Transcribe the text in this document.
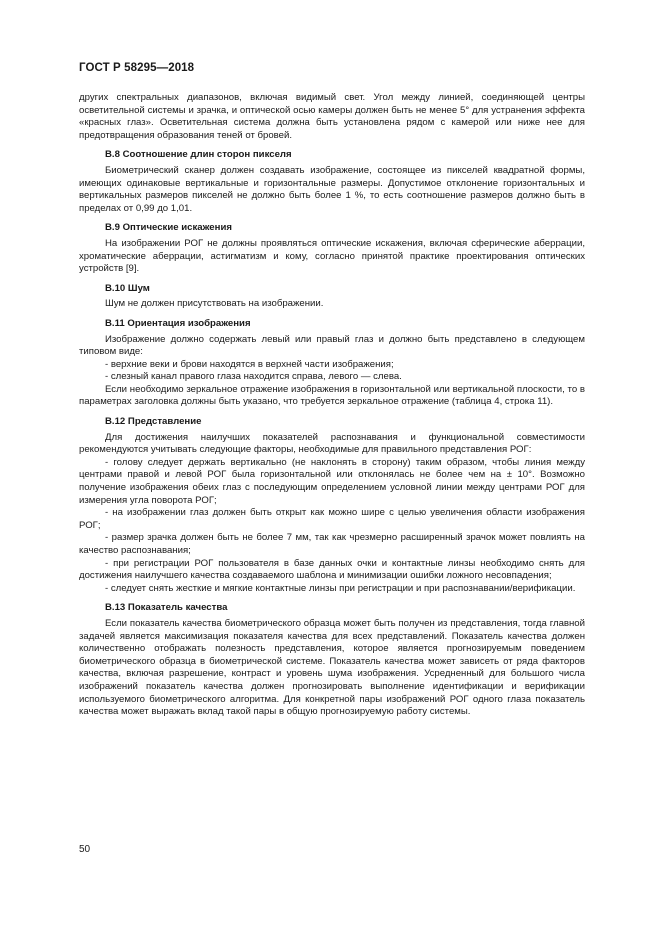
ГОСТ Р 58295—2018

других спектральных диапазонов, включая видимый свет. Угол между линией, соединяющей центры осветительной системы и зрачка, и оптической осью камеры должен быть не менее 5° для устранения эффекта «красных глаз». Осветительная система должна быть установлена рядом с камерой или ниже нее для предотвращения образования теней от бровей.

B.8 Соотношение длин сторон пикселя

Биометрический сканер должен создавать изображение, состоящее из пикселей квадратной формы, имеющих одинаковые вертикальные и горизонтальные размеры. Допустимое отклонение горизонтальных и вертикальных размеров пикселей не должно быть более 1 %, то есть соотношение размеров должно быть в пределах от 0,99 до 1,01.

B.9 Оптические искажения

На изображении РОГ не должны проявляться оптические искажения, включая сферические аберрации, хроматические аберрации, астигматизм и кому, согласно принятой практике проектирования оптических устройств [9].

B.10 Шум

Шум не должен присутствовать на изображении.

B.11 Ориентация изображения

Изображение должно содержать левый или правый глаз и должно быть представлено в следующем типовом виде:

- верхние веки и брови находятся в верхней части изображения;

- слезный канал правого глаза находится справа, левого — слева.

Если необходимо зеркальное отражение изображения в горизонтальной или вертикальной плоскости, то в параметрах заголовка должны быть указано, что требуется зеркальное отражение (таблица 4, строка 11).

B.12 Представление

Для достижения наилучших показателей распознавания и функциональной совместимости рекомендуются учитывать следующие факторы, необходимые для правильного представления РОГ:

- голову следует держать вертикально (не наклонять в сторону) таким образом, чтобы линия между центрами правой и левой РОГ была горизонтальной или отклонялась не более чем на ± 10°. Возможно получение изображения обеих глаз с последующим определением условной линии между центрами РОГ для измерения угла поворота РОГ;

- на изображении глаз должен быть открыт как можно шире с целью увеличения области изображения РОГ;

- размер зрачка должен быть не более 7 мм, так как чрезмерно расширенный зрачок может повлиять на качество распознавания;

- при регистрации РОГ пользователя в базе данных очки и контактные линзы необходимо снять для достижения наилучшего качества создаваемого шаблона и минимизации ошибки ложного несовпадения;

- следует снять жесткие и мягкие контактные линзы при регистрации и при распознавании/верификации.

B.13 Показатель качества

Если показатель качества биометрического образца может быть получен из представления, тогда главной задачей является максимизация показателя качества для всех представлений. Показатель качества должен количественно отображать полезность представления, которое является прогнозируемым поведением биометрического образца в биометрической системе. Показатель качества может зависеть от ряда факторов качества, включая разрешение, контраст и уровень шума изображения. Усредненный для большого числа изображений показатель качества должен прогнозировать выполнение идентификации и верификации используемого биометрического алгоритма. Для конкретной пары изображений РОГ одного глаза показатель качества может выражать вклад такой пары в общую прогнозируемую работу системы.

50
